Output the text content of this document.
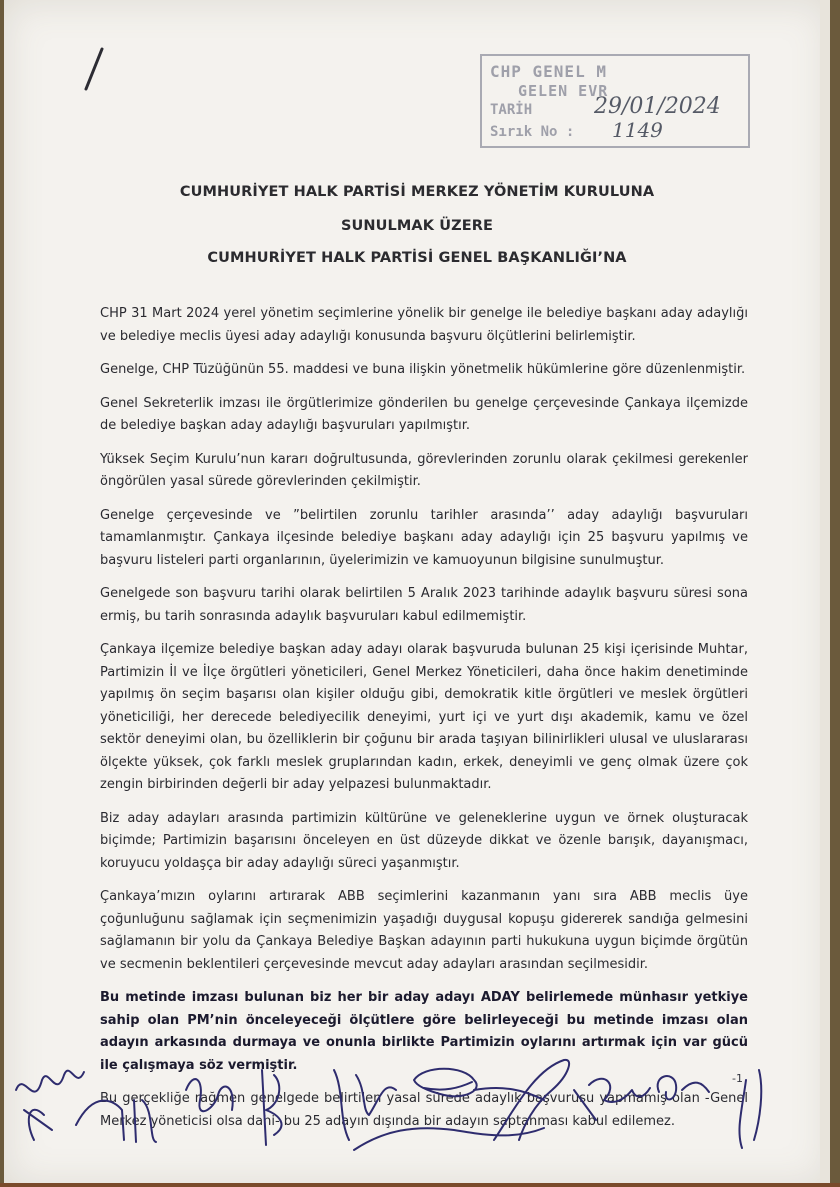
CHP GENEL M
GELEN EVR
TARİH
Sırık No :
29/01/2024
1149
CUMHURİYET HALK PARTİSİ MERKEZ YÖNETİM KURULUNA
SUNULMAK ÜZERE
CUMHURİYET HALK PARTİSİ GENEL BAŞKANLIĞI’NA

CHP 31 Mart 2024 yerel yönetim seçimlerine yönelik bir genelge ile belediye başkanı aday adaylığı ve belediye meclis üyesi aday adaylığı konusunda başvuru ölçütlerini belirlemiştir.

Genelge, CHP Tüzüğünün 55. maddesi ve buna ilişkin yönetmelik hükümlerine göre düzenlenmiştir.

Genel Sekreterlik imzası ile örgütlerimize gönderilen bu genelge çerçevesinde Çankaya ilçemizde de belediye başkan aday adaylığı başvuruları yapılmıştır.

Yüksek Seçim Kurulu’nun kararı doğrultusunda, görevlerinden zorunlu olarak çekilmesi gerekenler öngörülen yasal sürede görevlerinden çekilmiştir.

Genelge çerçevesinde ve ”belirtilen zorunlu tarihler arasında’’ aday adaylığı başvuruları tamamlanmıştır. Çankaya ilçesinde belediye başkanı aday adaylığı için 25 başvuru yapılmış ve başvuru listeleri parti organlarının, üyelerimizin ve kamuoyunun bilgisine sunulmuştur.

Genelgede son başvuru tarihi olarak belirtilen 5 Aralık 2023 tarihinde adaylık başvuru süresi sona ermiş, bu tarih sonrasında adaylık başvuruları kabul edilmemiştir.

Çankaya ilçemize belediye başkan aday adayı olarak başvuruda bulunan 25 kişi içerisinde Muhtar, Partimizin İl ve İlçe örgütleri yöneticileri, Genel Merkez Yöneticileri, daha önce hakim denetiminde yapılmış ön seçim başarısı olan kişiler olduğu gibi, demokratik kitle örgütleri ve meslek örgütleri yöneticiliği, her derecede belediyecilik deneyimi, yurt içi ve yurt dışı akademik, kamu ve özel sektör deneyimi olan, bu özelliklerin bir çoğunu bir arada taşıyan bilinirlikleri ulusal ve uluslararası ölçekte yüksek, çok farklı meslek gruplarından kadın, erkek, deneyimli ve genç olmak üzere çok zengin birbirinden değerli bir aday yelpazesi bulunmaktadır.

Biz aday adayları arasında partimizin kültürüne ve geleneklerine uygun ve örnek oluşturacak biçimde; Partimizin başarısını önceleyen en üst düzeyde dikkat ve özenle barışık, dayanışmacı, koruyucu yoldaşça bir aday adaylığı süreci yaşanmıştır.

Çankaya’mızın oylarını artırarak ABB seçimlerini kazanmanın yanı sıra ABB meclis üye çoğunluğunu sağlamak için seçmenimizin yaşadığı duygusal kopuşu gidererek sandığa gelmesini sağlamanın bir yolu da Çankaya Belediye Başkan adayının parti hukukuna uygun biçimde örgütün ve secmenin beklentileri çerçevesinde mevcut aday adayları arasından seçilmesidir.

Bu metinde imzası bulunan biz her bir aday adayı ADAY belirlemede münhasır yetkiye sahip olan PM’nin önceleyeceği ölçütlere göre belirleyeceği bu metinde imzası olan adayın arkasında durmaya ve onunla birlikte Partimizin oylarını artırmak için var gücü ile çalışmaya söz vermiştir.

Bu gerçekliğe rağmen genelgede belirtilen yasal sürede adaylık başvurusu yapmamış olan -Genel Merkez yöneticisi olsa dahi- bu 25 adayın dışında bir adayın saptanması kabul edilemez.

-1
